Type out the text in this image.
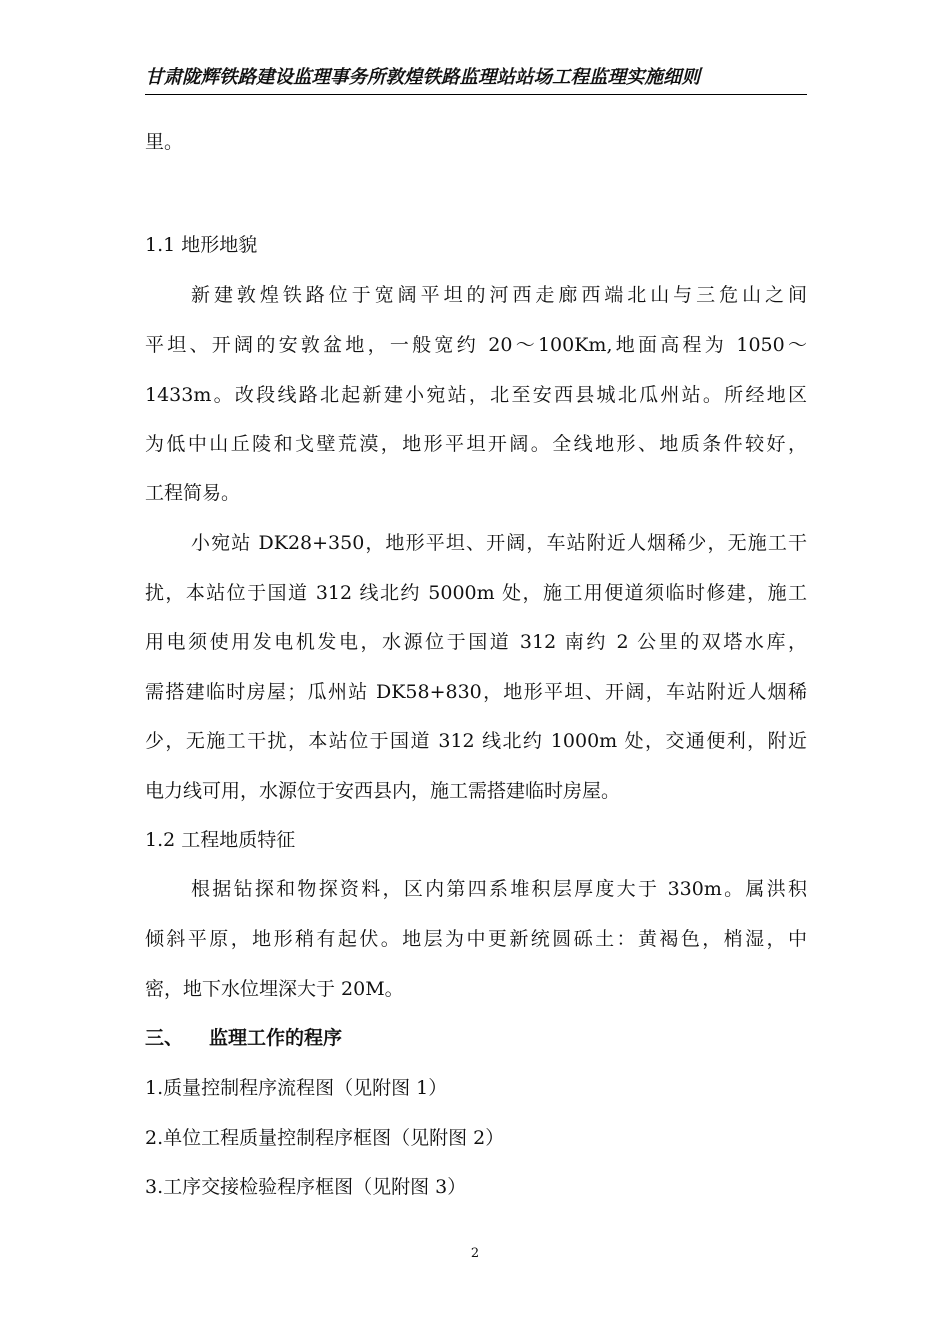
甘肃陇辉铁路建设监理事务所敦煌铁路监理站站场工程监理实施细则
里。
1.1 地形地貌
新建敦煌铁路位于宽阔平坦的河西走廊西端北山与三危山之间
平坦、开阔的安敦盆地，一般宽约 20～100Km,地面高程为 1050～
1433m。改段线路北起新建小宛站，北至安西县城北瓜州站。所经地区
为低中山丘陵和戈壁荒漠，地形平坦开阔。全线地形、地质条件较好，
工程简易。
小宛站 DK28+350，地形平坦、开阔，车站附近人烟稀少，无施工干
扰，本站位于国道 312 线北约 5000m 处，施工用便道须临时修建，施工
用电须使用发电机发电，水源位于国道 312 南约 2 公里的双塔水库，
需搭建临时房屋；瓜州站 DK58+830，地形平坦、开阔，车站附近人烟稀
少，无施工干扰，本站位于国道 312 线北约 1000m 处，交通便利，附近
电力线可用，水源位于安西县内，施工需搭建临时房屋。
1.2 工程地质特征
根据钻探和物探资料，区内第四系堆积层厚度大于 330m。属洪积
倾斜平原，地形稍有起伏。地层为中更新统圆砾土：黄褐色，梢湿，中
密，地下水位埋深大于 20M。
三、 监理工作的程序
1.质量控制程序流程图（见附图 1）
2.单位工程质量控制程序框图（见附图 2）
3.工序交接检验程序框图（见附图 3）
2
